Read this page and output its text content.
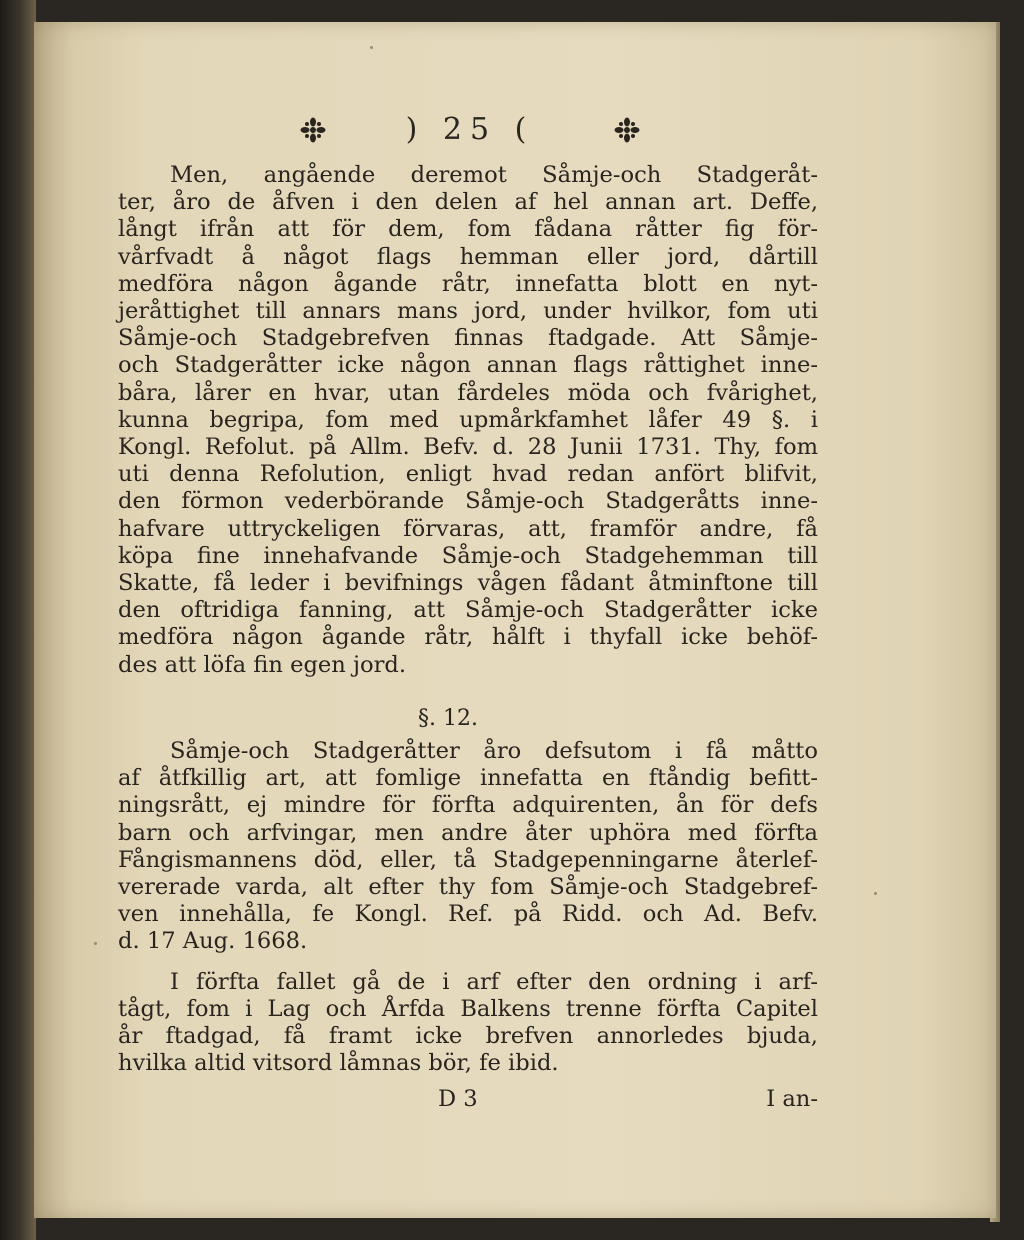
) 25 (
Men, angående deremot Såmje-och Stadgeråt-
ter, åro de åfven i den delen af hel annan art. Deffe,
långt ifrån att för dem, fom fådana råtter fig för-
vårfvadt å något flags hemman eller jord, dårtill
medföra någon ågande råtr, innefatta blott en nyt-
jeråttighet till annars mans jord, under hvilkor, fom uti
Såmje-och Stadgebrefven finnas ftadgade. Att Såmje-
och Stadgeråtter icke någon annan flags råttighet inne-
båra, lårer en hvar, utan fårdeles möda och fvårighet,
kunna begripa, fom med upmårkfamhet låfer 49 §. i
Kongl. Refolut. på Allm. Befv. d. 28 Junii 1731. Thy, fom
uti denna Refolution, enligt hvad redan anfört blifvit,
den förmon vederbörande Såmje-och Stadgeråtts inne-
hafvare uttryckeligen förvaras, att, framför andre, få
köpa fine innehafvande Såmje-och Stadgehemman till
Skatte, få leder i bevifnings vågen fådant åtminftone till
den oftridiga fanning, att Såmje-och Stadgeråtter icke
medföra någon ågande råtr, hålft i thyfall icke behöf-
des att löfa fin egen jord.
§. 12.
Såmje-och Stadgeråtter åro defsutom i få måtto
af åtfkillig art, att fomlige innefatta en ftåndig befitt-
ningsrått, ej mindre för förfta adquirenten, ån för defs
barn och arfvingar, men andre åter uphöra med förfta
Fångismannens död, eller, tå Stadgepenningarne återlef-
vererade varda, alt efter thy fom Såmje-och Stadgebref-
ven innehålla, fe Kongl. Ref. på Ridd. och Ad. Befv.
d. 17 Aug. 1668.
I förfta fallet gå de i arf efter den ordning i arf-
tågt, fom i Lag och Årfda Balkens trenne förfta Capitel
år ftadgad, få framt icke brefven annorledes bjuda,
hvilka altid vitsord låmnas bör, fe ibid.
D 3	I an-
